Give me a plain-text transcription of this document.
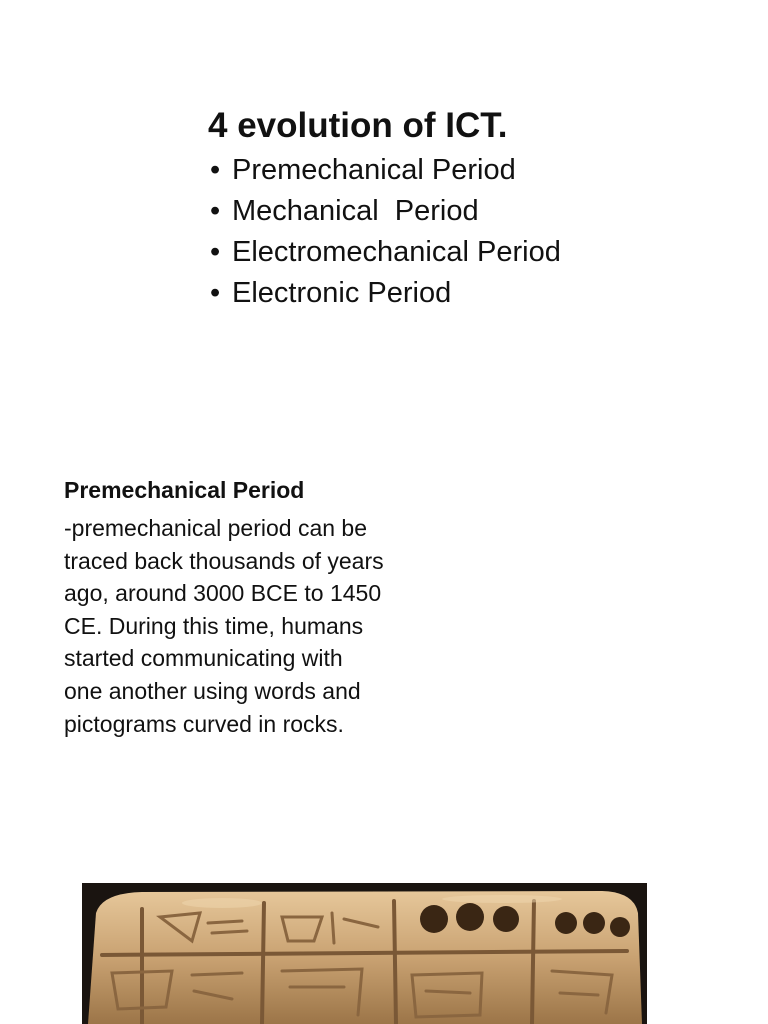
4 evolution of ICT.
• Premechanical Period
• Mechanical  Period
• Electromechanical Period
• Electronic Period
Premechanical Period

-premechanical period can be
traced back thousands of years
ago, around 3000 BCE to 1450
CE. During this time, humans
started communicating with
one another using words and
pictograms curved in rocks.
